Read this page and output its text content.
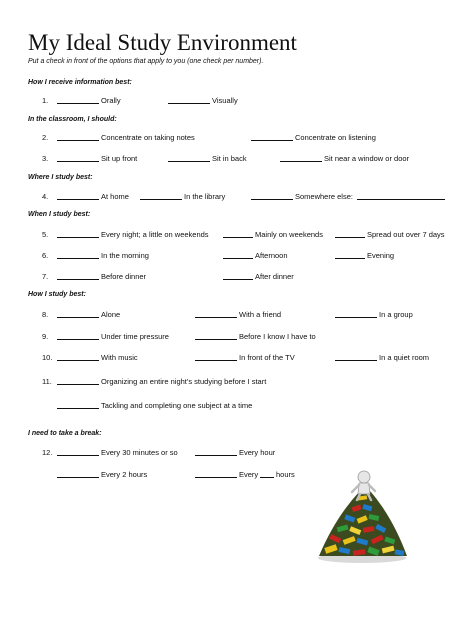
My Ideal Study Environment
Put a check in front of the options that apply to you (one check per number).
How I receive information best:
1.	Orally	Visually
In the classroom, I should:
2.	Concentrate on taking notes	Concentrate on listening
3.	Sit up front	Sit in back	Sit near a window or door
Where I study best:
4.	At home	In the library	Somewhere else:
When I study best:
5.	Every night; a little on weekends	Mainly on weekends	Spread out over 7 days
6.	In the morning	Afternoon	Evening
7.	Before dinner	After dinner
How I study best:
8.	Alone	With a friend	In a group
9.	Under time pressure	Before I know I have to
10.	With music	In front of the TV	In a quiet room
11.	Organizing an entire night's studying before I start
Tackling and completing one subject at a time
I need to take a break:
12.	Every 30 minutes or so	Every hour
Every 2 hours	Every hours
